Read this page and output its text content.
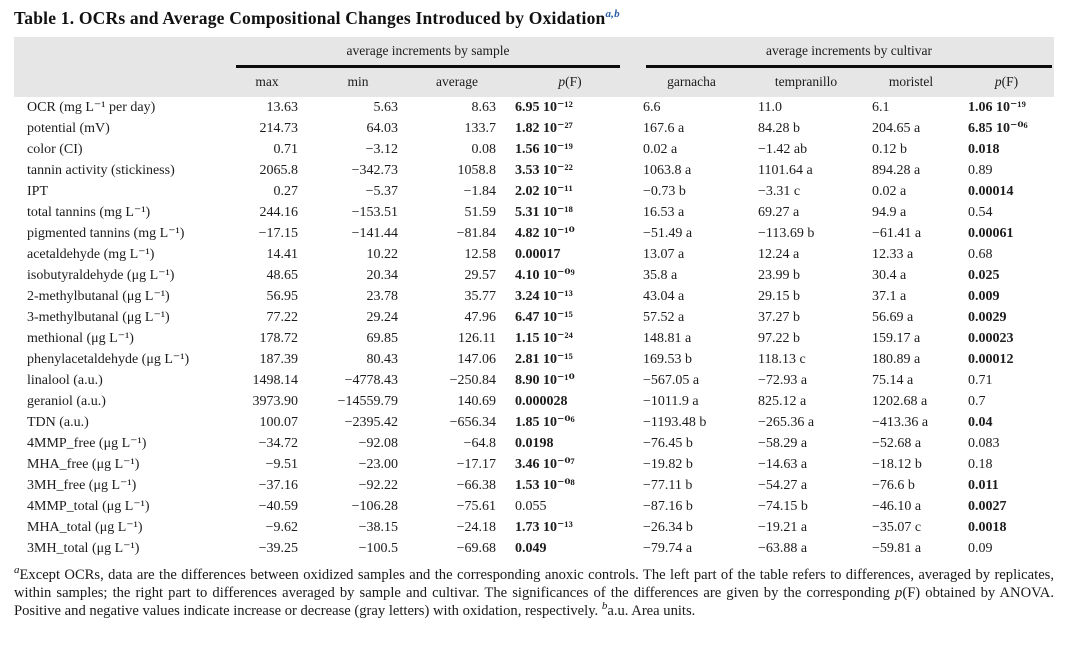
Table 1. OCRs and Average Compositional Changes Introduced by Oxidation$^{a,b}$

	average increments by sample				average increments by cultivar			

	max	min	average	p(F)	garnacha	tempranillo	moristel	p(F)
OCR (mg L⁻¹ per day)	13.63	5.63	8.63	6.95 10⁻¹²	6.6	11.0	6.1	1.06 10⁻¹⁹
potential (mV)	214.73	64.03	133.7	1.82 10⁻²⁷	167.6 a	84.28 b	204.65 a	6.85 10⁻⁰⁶
color (CI)	0.71	−3.12	0.08	1.56 10⁻¹⁹	0.02 a	−1.42 ab	0.12 b	0.018
tannin activity (stickiness)	2065.8	−342.73	1058.8	3.53 10⁻²²	1063.8 a	1101.64 a	894.28 a	0.89
IPT	0.27	−5.37	−1.84	2.02 10⁻¹¹	−0.73 b	−3.31 c	0.02 a	0.00014
total tannins (mg L⁻¹)	244.16	−153.51	51.59	5.31 10⁻¹⁸	16.53 a	69.27 a	94.9 a	0.54
pigmented tannins (mg L⁻¹)	−17.15	−141.44	−81.84	4.82 10⁻¹⁰	−51.49 a	−113.69 b	−61.41 a	0.00061
acetaldehyde (mg L⁻¹)	14.41	10.22	12.58	0.00017	13.07 a	12.24 a	12.33 a	0.68
isobutyraldehyde (μg L⁻¹)	48.65	20.34	29.57	4.10 10⁻⁰⁹	35.8 a	23.99 b	30.4 a	0.025
2-methylbutanal (μg L⁻¹)	56.95	23.78	35.77	3.24 10⁻¹³	43.04 a	29.15 b	37.1 a	0.009
3-methylbutanal (μg L⁻¹)	77.22	29.24	47.96	6.47 10⁻¹⁵	57.52 a	37.27 b	56.69 a	0.0029
methional (μg L⁻¹)	178.72	69.85	126.11	1.15 10⁻²⁴	148.81 a	97.22 b	159.17 a	0.00023
phenylacetaldehyde (μg L⁻¹)	187.39	80.43	147.06	2.81 10⁻¹⁵	169.53 b	118.13 c	180.89 a	0.00012
linalool (a.u.)	1498.14	−4778.43	−250.84	8.90 10⁻¹⁰	−567.05 a	−72.93 a	75.14 a	0.71
geraniol (a.u.)	3973.90	−14559.79	140.69	0.000028	−1011.9 a	825.12 a	1202.68 a	0.7
TDN (a.u.)	100.07	−2395.42	−656.34	1.85 10⁻⁰⁶	−1193.48 b	−265.36 a	−413.36 a	0.04
4MMP_free (μg L⁻¹)	−34.72	−92.08	−64.8	0.0198	−76.45 b	−58.29 a	−52.68 a	0.083
MHA_free (μg L⁻¹)	−9.51	−23.00	−17.17	3.46 10⁻⁰⁷	−19.82 b	−14.63 a	−18.12 b	0.18
3MH_free (μg L⁻¹)	−37.16	−92.22	−66.38	1.53 10⁻⁰⁸	−77.11 b	−54.27 a	−76.6 b	0.011
4MMP_total (μg L⁻¹)	−40.59	−106.28	−75.61	0.055	−87.16 b	−74.15 b	−46.10 a	0.0027
MHA_total (μg L⁻¹)	−9.62	−38.15	−24.18	1.73 10⁻¹³	−26.34 b	−19.21 a	−35.07 c	0.0018
3MH_total (μg L⁻¹)	−39.25	−100.5	−69.68	0.049	−79.74 a	−63.88 a	−59.81 a	0.09

$^a$Except OCRs, data are the differences between oxidized samples and the corresponding anoxic controls. The left part of the table refers to differences, averaged by replicates, within samples; the right part to differences averaged by sample and cultivar. The significances of the differences are given by the corresponding p(F) obtained by ANOVA. Positive and negative values indicate increase or decrease (gray letters) with oxidation, respectively. $^b$a.u. Area units.
